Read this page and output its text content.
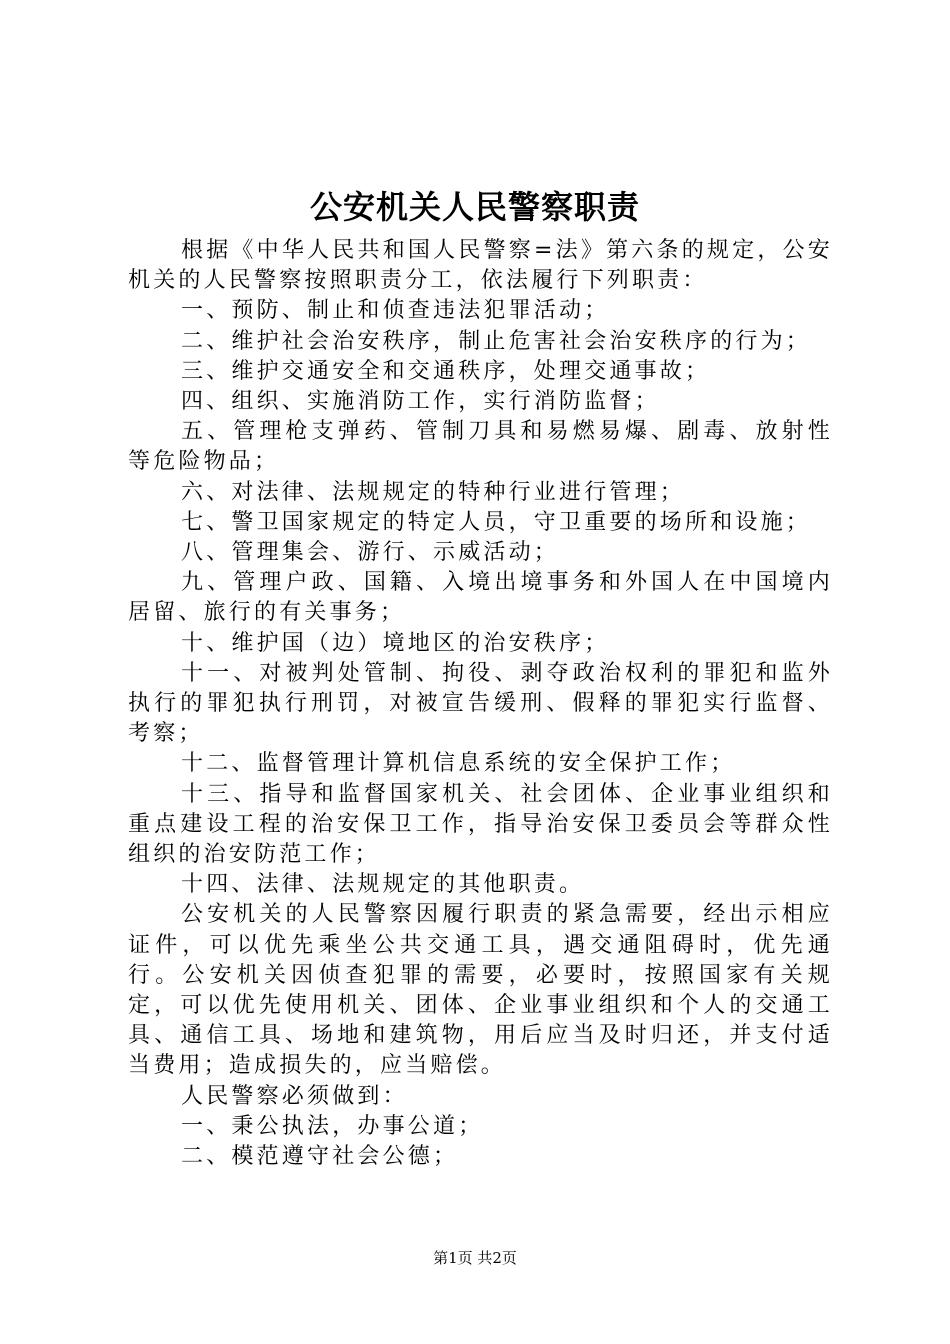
公安机关人民警察职责

根据《中华人民共和国人民警察=法》第六条的规定，公安机关的人民警察按照职责分工，依法履行下列职责：

一、预防、制止和侦查违法犯罪活动；

二、维护社会治安秩序，制止危害社会治安秩序的行为；

三、维护交通安全和交通秩序，处理交通事故；

四、组织、实施消防工作，实行消防监督；

五、管理枪支弹药、管制刀具和易燃易爆、剧毒、放射性等危险物品；

六、对法律、法规规定的特种行业进行管理；

七、警卫国家规定的特定人员，守卫重要的场所和设施；

八、管理集会、游行、示威活动；

九、管理户政、国籍、入境出境事务和外国人在中国境内居留、旅行的有关事务；

十、维护国（边）境地区的治安秩序；

十一、对被判处管制、拘役、剥夺政治权利的罪犯和监外执行的罪犯执行刑罚，对被宣告缓刑、假释的罪犯实行监督、考察；

十二、监督管理计算机信息系统的安全保护工作；

十三、指导和监督国家机关、社会团体、企业事业组织和重点建设工程的治安保卫工作，指导治安保卫委员会等群众性组织的治安防范工作；

十四、法律、法规规定的其他职责。

公安机关的人民警察因履行职责的紧急需要，经出示相应证件，可以优先乘坐公共交通工具，遇交通阻碍时，优先通行。公安机关因侦查犯罪的需要，必要时，按照国家有关规定，可以优先使用机关、团体、企业事业组织和个人的交通工具、通信工具、场地和建筑物，用后应当及时归还，并支付适当费用；造成损失的，应当赔偿。

人民警察必须做到：

一、秉公执法，办事公道；

二、模范遵守社会公德；

第1页 共2页
